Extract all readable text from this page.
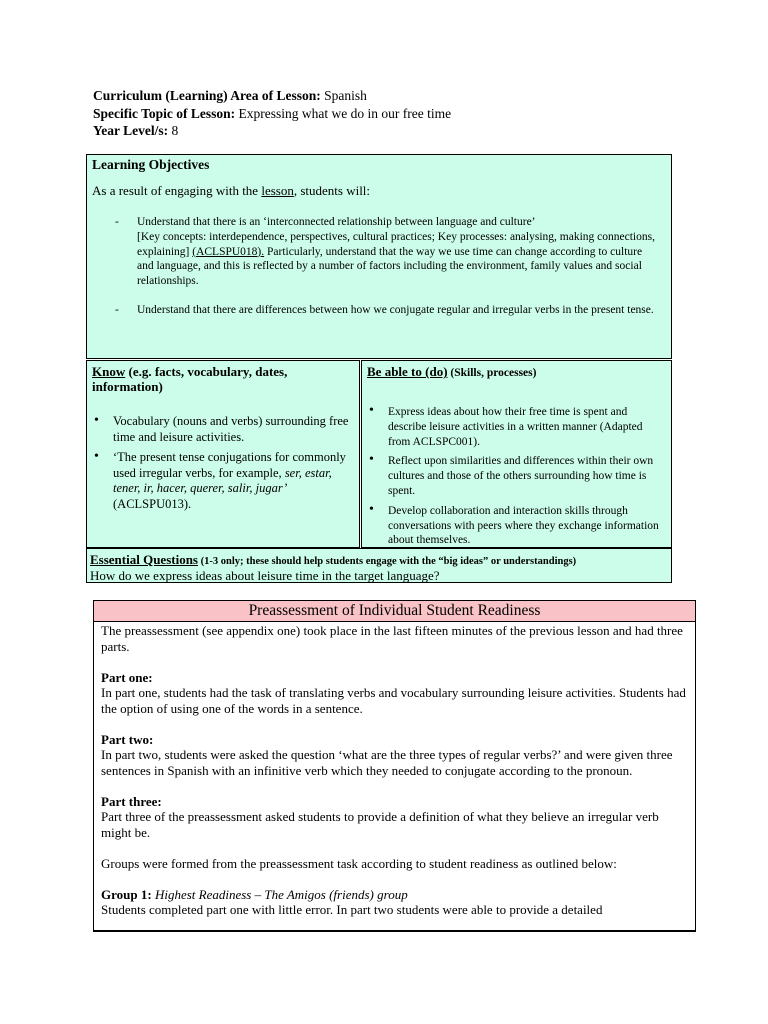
Curriculum (Learning) Area of Lesson: Spanish
Specific Topic of Lesson: Expressing what we do in our free time
Year Level/s: 8
Learning Objectives
As a result of engaging with the lesson, students will:
- Understand that there is an ‘interconnected relationship between language and culture’
[Key concepts: interdependence, perspectives, cultural practices; Key processes: analysing, making connections, explaining] (ACLSPU018). Particularly, understand that the way we use time can change according to culture and language, and this is reflected by a number of factors including the environment, family values and social relationships.
- Understand that there are differences between how we conjugate regular and irregular verbs in the present tense.
Know (e.g. facts, vocabulary, dates, information)
• Vocabulary (nouns and verbs) surrounding free time and leisure activities.
• ‘The present tense conjugations for commonly used irregular verbs, for example, ser, estar, tener, ir, hacer, querer, salir, jugar’ (ACLSPU013).
Be able to (do) (Skills, processes)
• Express ideas about how their free time is spent and describe leisure activities in a written manner (Adapted from ACLSPC001).
• Reflect upon similarities and differences within their own cultures and those of the others surrounding how time is spent.
• Develop collaboration and interaction skills through conversations with peers where they exchange information about themselves.
Essential Questions (1-3 only; these should help students engage with the “big ideas” or understandings)
How do we express ideas about leisure time in the target language?
Preassessment of Individual Student Readiness

The preassessment (see appendix one) took place in the last fifteen minutes of the previous lesson and had three parts.

Part one:
In part one, students had the task of translating verbs and vocabulary surrounding leisure activities. Students had the option of using one of the words in a sentence.

Part two:
In part two, students were asked the question ‘what are the three types of regular verbs?’ and were given three sentences in Spanish with an infinitive verb which they needed to conjugate according to the pronoun.

Part three:
Part three of the preassessment asked students to provide a definition of what they believe an irregular verb might be.

Groups were formed from the preassessment task according to student readiness as outlined below:

Group 1: Highest Readiness – The Amigos (friends) group
Students completed part one with little error. In part two students were able to provide a detailed
